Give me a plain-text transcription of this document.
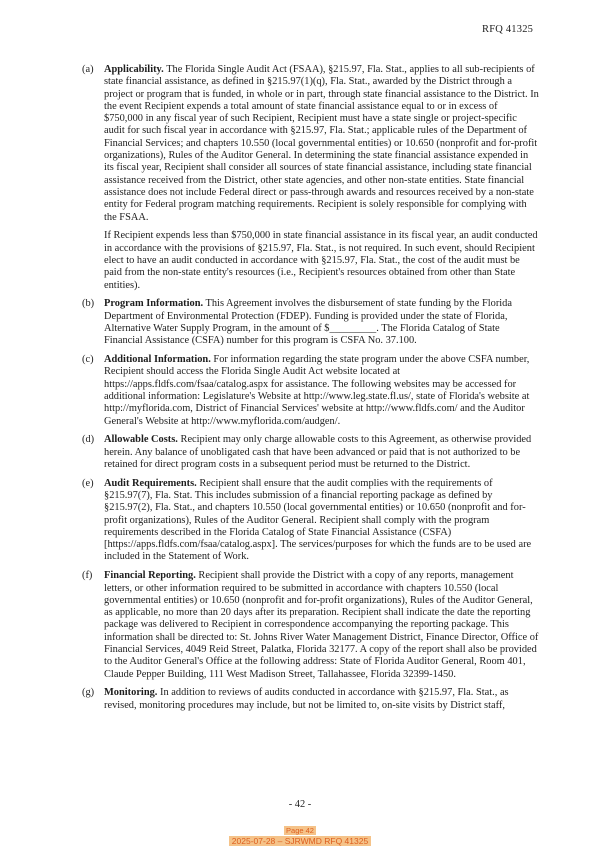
RFQ 41325
(a) Applicability. The Florida Single Audit Act (FSAA), §215.97, Fla. Stat., applies to all sub-recipients of state financial assistance, as defined in §215.97(1)(q), Fla. Stat., awarded by the District through a project or program that is funded, in whole or in part, through state financial assistance to the District. In the event Recipient expends a total amount of state financial assistance equal to or in excess of $750,000 in any fiscal year of such Recipient, Recipient must have a state single or project-specific audit for such fiscal year in accordance with §215.97, Fla. Stat.; applicable rules of the Department of Financial Services; and chapters 10.550 (local governmental entities) or 10.650 (nonprofit and for-profit organizations), Rules of the Auditor General. In determining the state financial assistance expended in its fiscal year, Recipient shall consider all sources of state financial assistance, including state financial assistance received from the District, other state agencies, and other non-state entities. State financial assistance does not include Federal direct or pass-through awards and resources received by a non-state entity for Federal program matching requirements. Recipient is solely responsible for complying with the FSAA.
If Recipient expends less than $750,000 in state financial assistance in its fiscal year, an audit conducted in accordance with the provisions of §215.97, Fla. Stat., is not required. In such event, should Recipient elect to have an audit conducted in accordance with §215.97, Fla. Stat., the cost of the audit must be paid from the non-state entity's resources (i.e., Recipient's resources obtained from other than State entities).
(b) Program Information. This Agreement involves the disbursement of state funding by the Florida Department of Environmental Protection (FDEP). Funding is provided under the state of Florida, Alternative Water Supply Program, in the amount of $_________. The Florida Catalog of State Financial Assistance (CSFA) number for this program is CSFA No. 37.100.
(c) Additional Information. For information regarding the state program under the above CSFA number, Recipient should access the Florida Single Audit Act website located at https://apps.fldfs.com/fsaa/catalog.aspx for assistance. The following websites may be accessed for additional information: Legislature's Website at http://www.leg.state.fl.us/, state of Florida's website at http://myflorida.com, District of Financial Services' website at http://www.fldfs.com/ and the Auditor General's Website at http://www.myflorida.com/audgen/.
(d) Allowable Costs. Recipient may only charge allowable costs to this Agreement, as otherwise provided herein. Any balance of unobligated cash that have been advanced or paid that is not authorized to be retained for direct program costs in a subsequent period must be returned to the District.
(e) Audit Requirements. Recipient shall ensure that the audit complies with the requirements of §215.97(7), Fla. Stat. This includes submission of a financial reporting package as defined by §215.97(2), Fla. Stat., and chapters 10.550 (local governmental entities) or 10.650 (nonprofit and for-profit organizations), Rules of the Auditor General. Recipient shall comply with the program requirements described in the Florida Catalog of State Financial Assistance (CSFA) [https://apps.fldfs.com/fsaa/catalog.aspx]. The services/purposes for which the funds are to be used are included in the Statement of Work.
(f) Financial Reporting. Recipient shall provide the District with a copy of any reports, management letters, or other information required to be submitted in accordance with chapters 10.550 (local governmental entities) or 10.650 (nonprofit and for-profit organizations), Rules of the Auditor General, as applicable, no more than 20 days after its preparation. Recipient shall indicate the date the reporting package was delivered to Recipient in correspondence accompanying the reporting package. This information shall be directed to: St. Johns River Water Management District, Finance Director, Office of Financial Services, 4049 Reid Street, Palatka, Florida 32177. A copy of the report shall also be provided to the Auditor General's Office at the following address: State of Florida Auditor General, Room 401, Claude Pepper Building, 111 West Madison Street, Tallahassee, Florida 32399-1450.
(g) Monitoring. In addition to reviews of audits conducted in accordance with §215.97, Fla. Stat., as revised, monitoring procedures may include, but not be limited to, on-site visits by District staff,
- 42 -
Page 42
2025-07-28 – SJRWMD RFQ 41325
